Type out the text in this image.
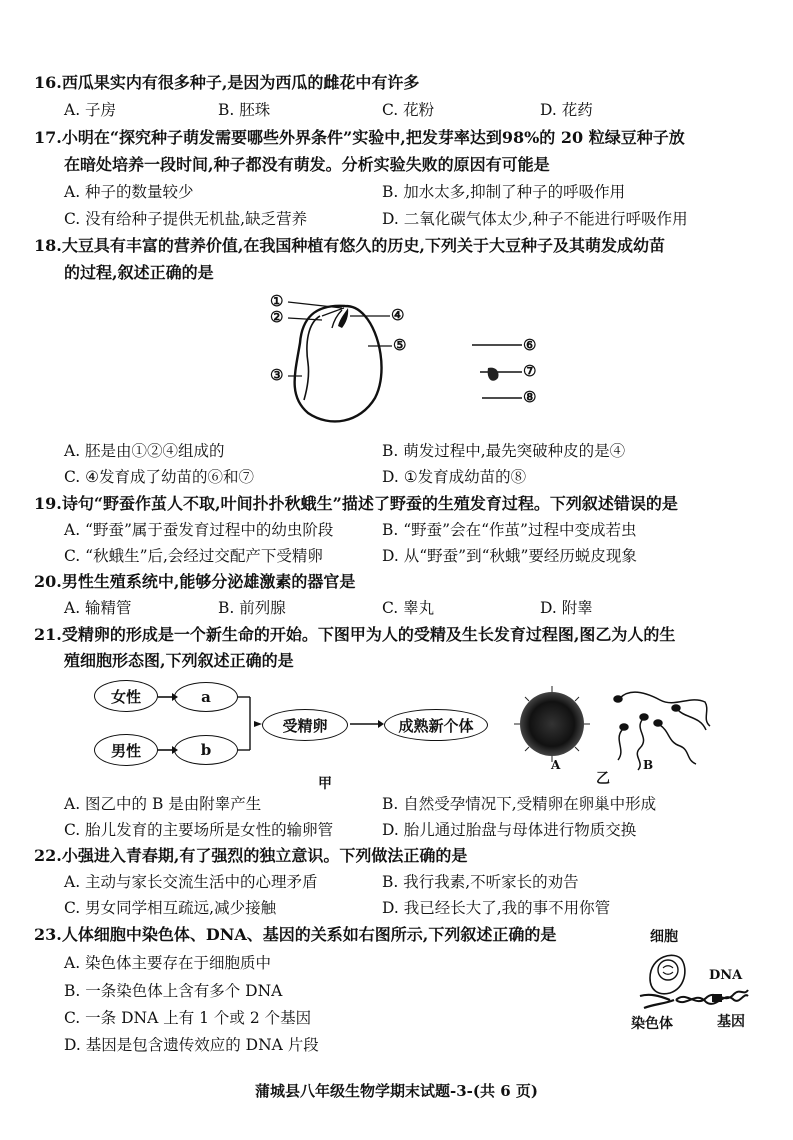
16.西瓜果实内有很多种子,是因为西瓜的雌花中有许多
A. 子房	B. 胚珠	C. 花粉	D. 花药
17.小明在“探究种子萌发需要哪些外界条件”实验中,把发芽率达到98%的 20 粒绿豆种子放
在暗处培养一段时间,种子都没有萌发。分析实验失败的原因有可能是
A. 种子的数量较少	B. 加水太多,抑制了种子的呼吸作用
C. 没有给种子提供无机盐,缺乏营养	D. 二氧化碳气体太少,种子不能进行呼吸作用
18.大豆具有丰富的营养价值,在我国种植有悠久的历史,下列关于大豆种子及其萌发成幼苗
的过程,叙述正确的是
①
②
③
④
⑤	⑥
⑦
⑧
A. 胚是由①②④组成的	B. 萌发过程中,最先突破种皮的是④
C. ④发育成了幼苗的⑥和⑦	D. ①发育成幼苗的⑧
19.诗句“野蚕作茧人不取,叶间扑扑秋蛾生”描述了野蚕的生殖发育过程。下列叙述错误的是
A. “野蚕”属于蚕发育过程中的幼虫阶段	B. “野蚕”会在“作茧”过程中变成若虫
C. “秋蛾生”后,会经过交配产下受精卵	D. 从“野蚕”到“秋蛾”要经历蜕皮现象
20.男性生殖系统中,能够分泌雄激素的器官是
A. 输精管	B. 前列腺	C. 睾丸	D. 附睾
21.受精卵的形成是一个新生命的开始。下图甲为人的受精及生长发育过程图,图乙为人的生
殖细胞形态图,下列叙述正确的是
女性	a
男性	b
受精卵	成熟新个体
甲
A	B
乙
A. 图乙中的 B 是由附睾产生	B. 自然受孕情况下,受精卵在卵巢中形成
C. 胎儿发育的主要场所是女性的输卵管	D. 胎儿通过胎盘与母体进行物质交换
22.小强进入青春期,有了强烈的独立意识。下列做法正确的是
A. 主动与家长交流生活中的心理矛盾	B. 我行我素,不听家长的劝告
C. 男女同学相互疏远,减少接触	D. 我已经长大了,我的事不用你管
23.人体细胞中染色体、DNA、基因的关系如右图所示,下列叙述正确的是
A. 染色体主要存在于细胞质中
B. 一条染色体上含有多个 DNA
C. 一条 DNA 上有 1 个或 2 个基因
D. 基因是包含遗传效应的 DNA 片段
细胞
DNA
染色体	基因
蒲城县八年级生物学期末试题-3-(共 6 页)
